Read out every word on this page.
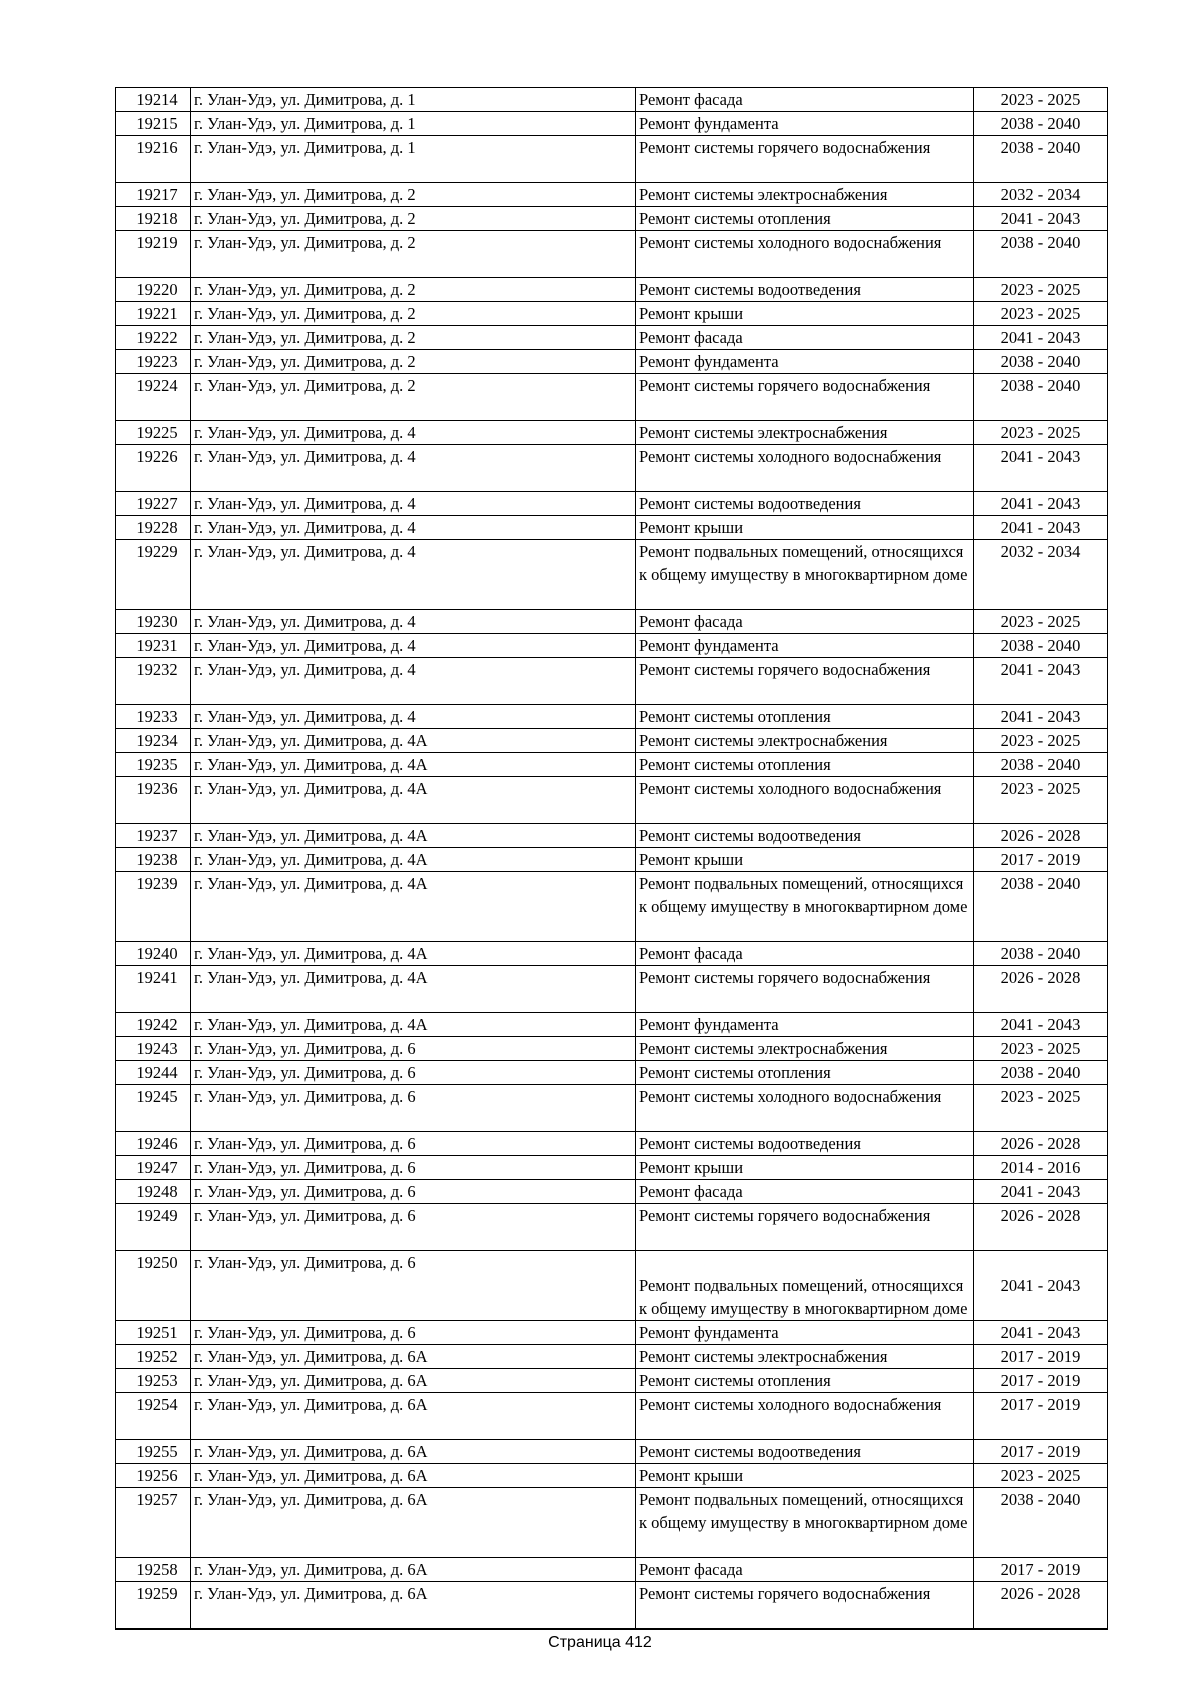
19214	г. Улан-Удэ, ул. Димитрова, д. 1	Ремонт фасада	2023 - 2025
19215	г. Улан-Удэ, ул. Димитрова, д. 1	Ремонт фундамента	2038 - 2040
19216	г. Улан-Удэ, ул. Димитрова, д. 1	Ремонт системы горячего водоснабжения	2038 - 2040
19217	г. Улан-Удэ, ул. Димитрова, д. 2	Ремонт системы электроснабжения	2032 - 2034
19218	г. Улан-Удэ, ул. Димитрова, д. 2	Ремонт системы отопления	2041 - 2043
19219	г. Улан-Удэ, ул. Димитрова, д. 2	Ремонт системы холодного водоснабжения	2038 - 2040
19220	г. Улан-Удэ, ул. Димитрова, д. 2	Ремонт системы водоотведения	2023 - 2025
19221	г. Улан-Удэ, ул. Димитрова, д. 2	Ремонт крыши	2023 - 2025
19222	г. Улан-Удэ, ул. Димитрова, д. 2	Ремонт фасада	2041 - 2043
19223	г. Улан-Удэ, ул. Димитрова, д. 2	Ремонт фундамента	2038 - 2040
19224	г. Улан-Удэ, ул. Димитрова, д. 2	Ремонт системы горячего водоснабжения	2038 - 2040
19225	г. Улан-Удэ, ул. Димитрова, д. 4	Ремонт системы электроснабжения	2023 - 2025
19226	г. Улан-Удэ, ул. Димитрова, д. 4	Ремонт системы холодного водоснабжения	2041 - 2043
19227	г. Улан-Удэ, ул. Димитрова, д. 4	Ремонт системы водоотведения	2041 - 2043
19228	г. Улан-Удэ, ул. Димитрова, д. 4	Ремонт крыши	2041 - 2043
19229	г. Улан-Удэ, ул. Димитрова, д. 4	Ремонт подвальных помещений, относящихся к общему имуществу в многоквартирном доме	2032 - 2034
19230	г. Улан-Удэ, ул. Димитрова, д. 4	Ремонт фасада	2023 - 2025
19231	г. Улан-Удэ, ул. Димитрова, д. 4	Ремонт фундамента	2038 - 2040
19232	г. Улан-Удэ, ул. Димитрова, д. 4	Ремонт системы горячего водоснабжения	2041 - 2043
19233	г. Улан-Удэ, ул. Димитрова, д. 4	Ремонт системы отопления	2041 - 2043
19234	г. Улан-Удэ, ул. Димитрова, д. 4А	Ремонт системы электроснабжения	2023 - 2025
19235	г. Улан-Удэ, ул. Димитрова, д. 4А	Ремонт системы отопления	2038 - 2040
19236	г. Улан-Удэ, ул. Димитрова, д. 4А	Ремонт системы холодного водоснабжения	2023 - 2025
19237	г. Улан-Удэ, ул. Димитрова, д. 4А	Ремонт системы водоотведения	2026 - 2028
19238	г. Улан-Удэ, ул. Димитрова, д. 4А	Ремонт крыши	2017 - 2019
19239	г. Улан-Удэ, ул. Димитрова, д. 4А	Ремонт подвальных помещений, относящихся к общему имуществу в многоквартирном доме	2038 - 2040
19240	г. Улан-Удэ, ул. Димитрова, д. 4А	Ремонт фасада	2038 - 2040
19241	г. Улан-Удэ, ул. Димитрова, д. 4А	Ремонт системы горячего водоснабжения	2026 - 2028
19242	г. Улан-Удэ, ул. Димитрова, д. 4А	Ремонт фундамента	2041 - 2043
19243	г. Улан-Удэ, ул. Димитрова, д. 6	Ремонт системы электроснабжения	2023 - 2025
19244	г. Улан-Удэ, ул. Димитрова, д. 6	Ремонт системы отопления	2038 - 2040
19245	г. Улан-Удэ, ул. Димитрова, д. 6	Ремонт системы холодного водоснабжения	2023 - 2025
19246	г. Улан-Удэ, ул. Димитрова, д. 6	Ремонт системы водоотведения	2026 - 2028
19247	г. Улан-Удэ, ул. Димитрова, д. 6	Ремонт крыши	2014 - 2016
19248	г. Улан-Удэ, ул. Димитрова, д. 6	Ремонт фасада	2041 - 2043
19249	г. Улан-Удэ, ул. Димитрова, д. 6	Ремонт системы горячего водоснабжения	2026 - 2028
19250	г. Улан-Удэ, ул. Димитрова, д. 6	Ремонт подвальных помещений, относящихся к общему имуществу в многоквартирном доме	2041 - 2043
19251	г. Улан-Удэ, ул. Димитрова, д. 6	Ремонт фундамента	2041 - 2043
19252	г. Улан-Удэ, ул. Димитрова, д. 6А	Ремонт системы электроснабжения	2017 - 2019
19253	г. Улан-Удэ, ул. Димитрова, д. 6А	Ремонт системы отопления	2017 - 2019
19254	г. Улан-Удэ, ул. Димитрова, д. 6А	Ремонт системы холодного водоснабжения	2017 - 2019
19255	г. Улан-Удэ, ул. Димитрова, д. 6А	Ремонт системы водоотведения	2017 - 2019
19256	г. Улан-Удэ, ул. Димитрова, д. 6А	Ремонт крыши	2023 - 2025
19257	г. Улан-Удэ, ул. Димитрова, д. 6А	Ремонт подвальных помещений, относящихся к общему имуществу в многоквартирном доме	2038 - 2040
19258	г. Улан-Удэ, ул. Димитрова, д. 6А	Ремонт фасада	2017 - 2019
19259	г. Улан-Удэ, ул. Димитрова, д. 6А	Ремонт системы горячего водоснабжения	2026 - 2028
Страница 412
